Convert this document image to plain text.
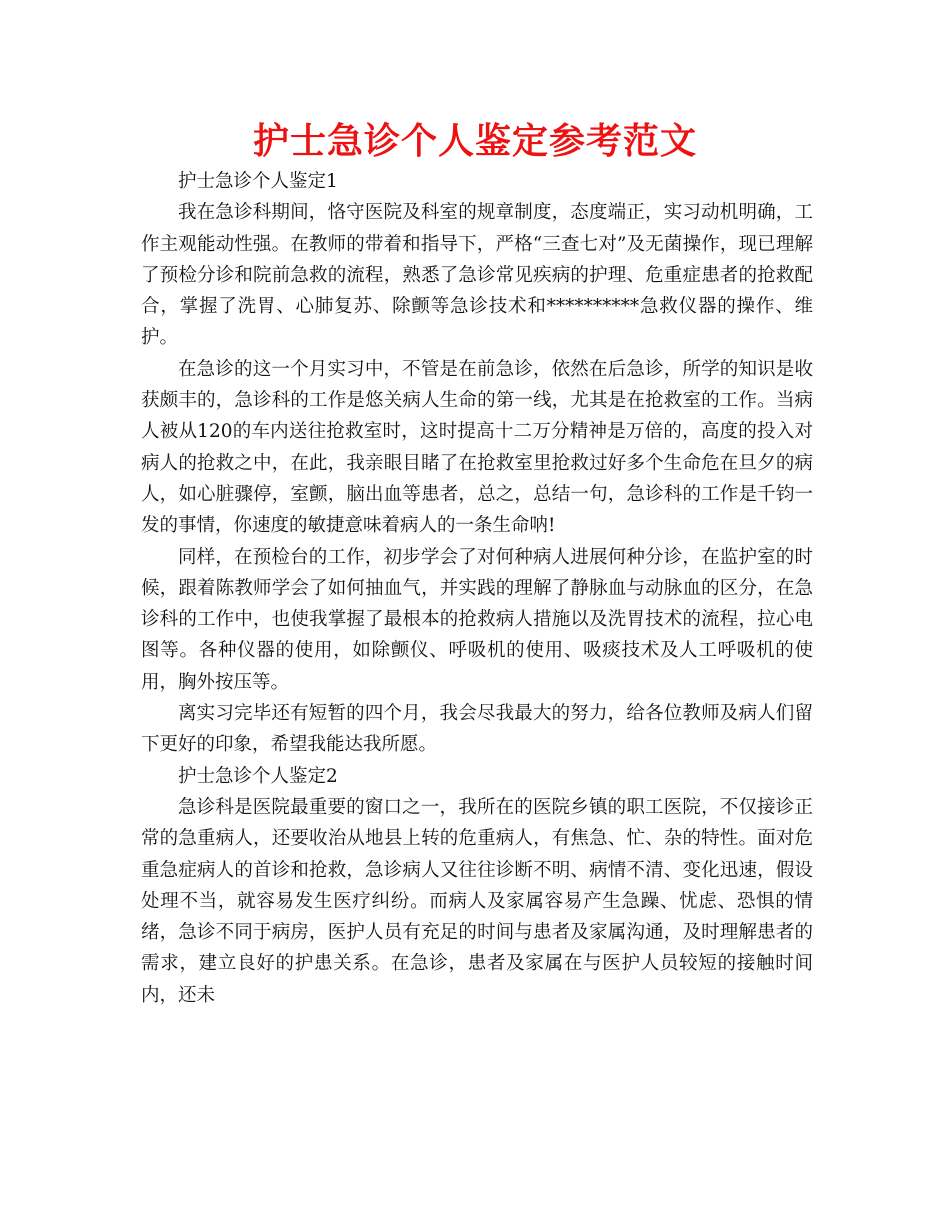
护士急诊个人鉴定参考范文

护士急诊个人鉴定1

我在急诊科期间，恪守医院及科室的规章制度，态度端正，实习动机明确，工作主观能动性强。在教师的带着和指导下，严格“三查七对”及无菌操作，现已理解了预检分诊和院前急救的流程，熟悉了急诊常见疾病的护理、危重症患者的抢救配合，掌握了洗胃、心肺复苏、除颤等急诊技术和**********急救仪器的操作、维护。

在急诊的这一个月实习中，不管是在前急诊，依然在后急诊，所学的知识是收获颇丰的，急诊科的工作是悠关病人生命的第一线，尤其是在抢救室的工作。当病人被从120的车内送往抢救室时，这时提高十二万分精神是万倍的，高度的投入对病人的抢救之中，在此，我亲眼目睹了在抢救室里抢救过好多个生命危在旦夕的病人，如心脏骤停，室颤，脑出血等患者，总之，总结一句，急诊科的工作是千钧一发的事情，你速度的敏捷意味着病人的一条生命呐!

同样，在预检台的工作，初步学会了对何种病人进展何种分诊，在监护室的时候，跟着陈教师学会了如何抽血气，并实践的理解了静脉血与动脉血的区分，在急诊科的工作中，也使我掌握了最根本的抢救病人措施以及洗胃技术的流程，拉心电图等。各种仪器的使用，如除颤仪、呼吸机的使用、吸痰技术及人工呼吸机的使用，胸外按压等。

离实习完毕还有短暂的四个月，我会尽我最大的努力，给各位教师及病人们留下更好的印象，希望我能达我所愿。

护士急诊个人鉴定2

急诊科是医院最重要的窗口之一，我所在的医院乡镇的职工医院，不仅接诊正常的急重病人，还要收治从地县上转的危重病人，有焦急、忙、杂的特性。面对危重急症病人的首诊和抢救，急诊病人又往往诊断不明、病情不清、变化迅速，假设处理不当，就容易发生医疗纠纷。而病人及家属容易产生急躁、忧虑、恐惧的情绪，急诊不同于病房，医护人员有充足的时间与患者及家属沟通，及时理解患者的需求，建立良好的护患关系。在急诊，患者及家属在与医护人员较短的接触时间内，还未
